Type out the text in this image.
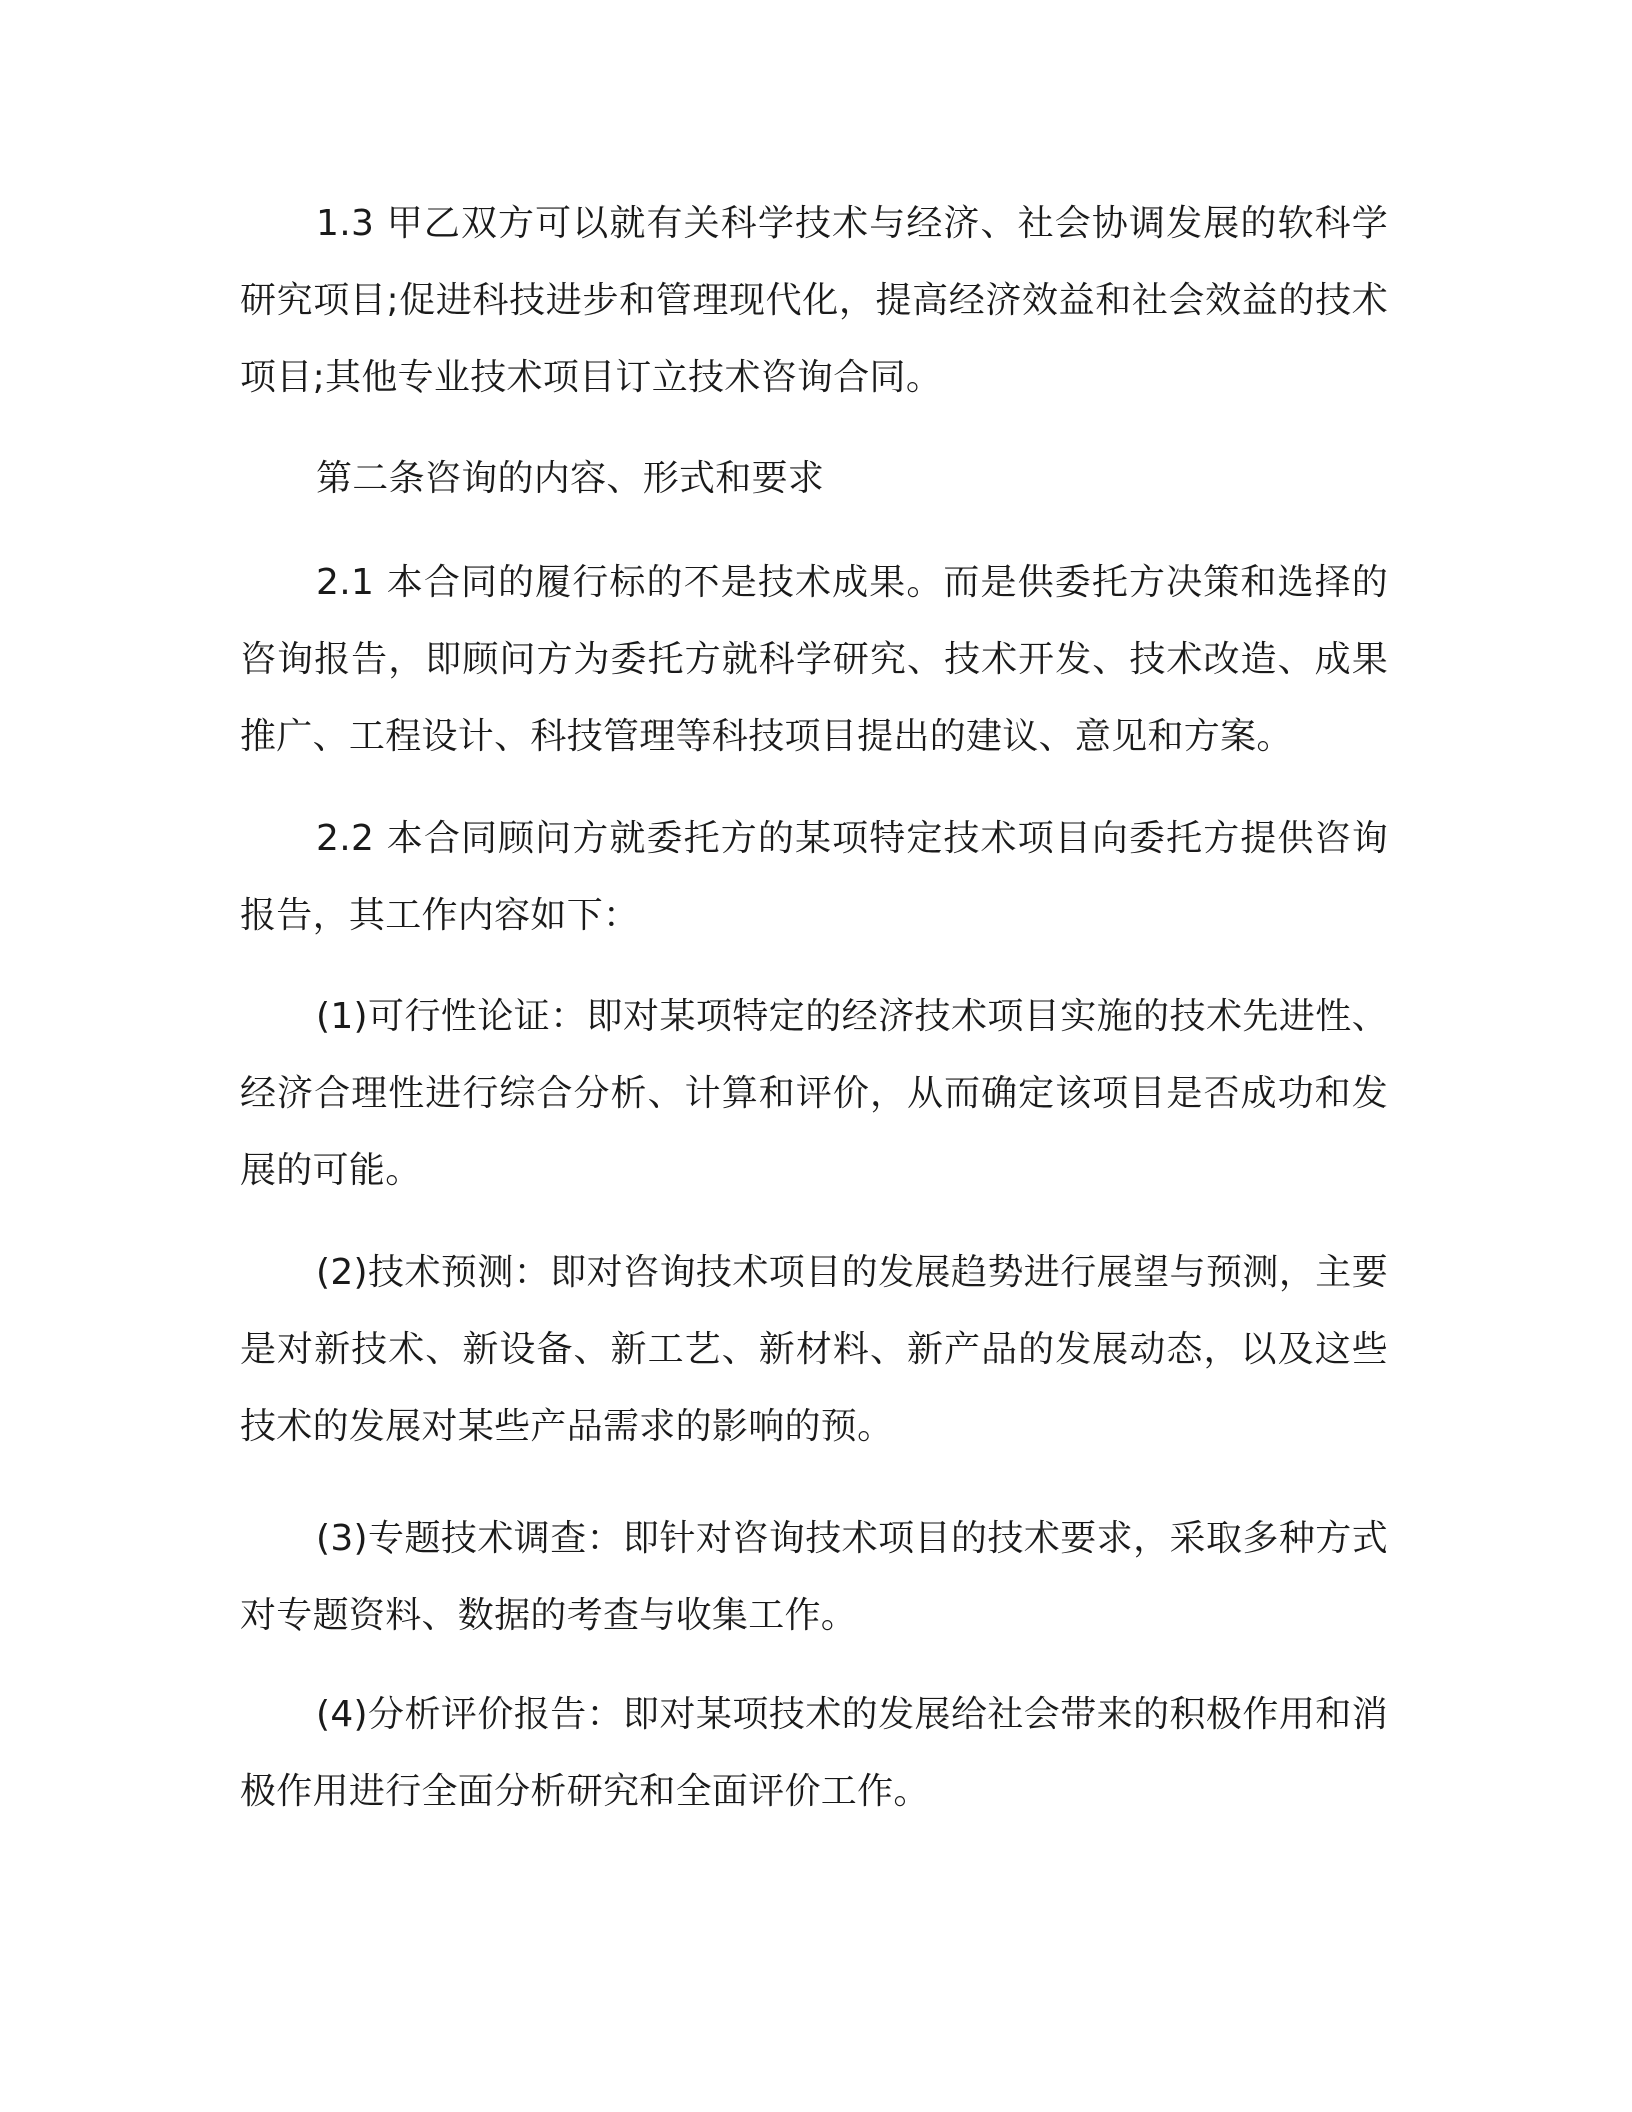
1.3 甲乙双方可以就有关科学技术与经济、社会协调发展的软科学研究项目;促进科技进步和管理现代化，提高经济效益和社会效益的技术项目;其他专业技术项目订立技术咨询合同。

第二条咨询的内容、形式和要求

2.1 本合同的履行标的不是技术成果。而是供委托方决策和选择的咨询报告，即顾问方为委托方就科学研究、技术开发、技术改造、成果推广、工程设计、科技管理等科技项目提出的建议、意见和方案。

2.2 本合同顾问方就委托方的某项特定技术项目向委托方提供咨询报告，其工作内容如下：

(1)可行性论证：即对某项特定的经济技术项目实施的技术先进性、经济合理性进行综合分析、计算和评价，从而确定该项目是否成功和发展的可能。

(2)技术预测：即对咨询技术项目的发展趋势进行展望与预测，主要是对新技术、新设备、新工艺、新材料、新产品的发展动态，以及这些技术的发展对某些产品需求的影响的预。

(3)专题技术调查：即针对咨询技术项目的技术要求，采取多种方式对专题资料、数据的考查与收集工作。

(4)分析评价报告：即对某项技术的发展给社会带来的积极作用和消极作用进行全面分析研究和全面评价工作。
